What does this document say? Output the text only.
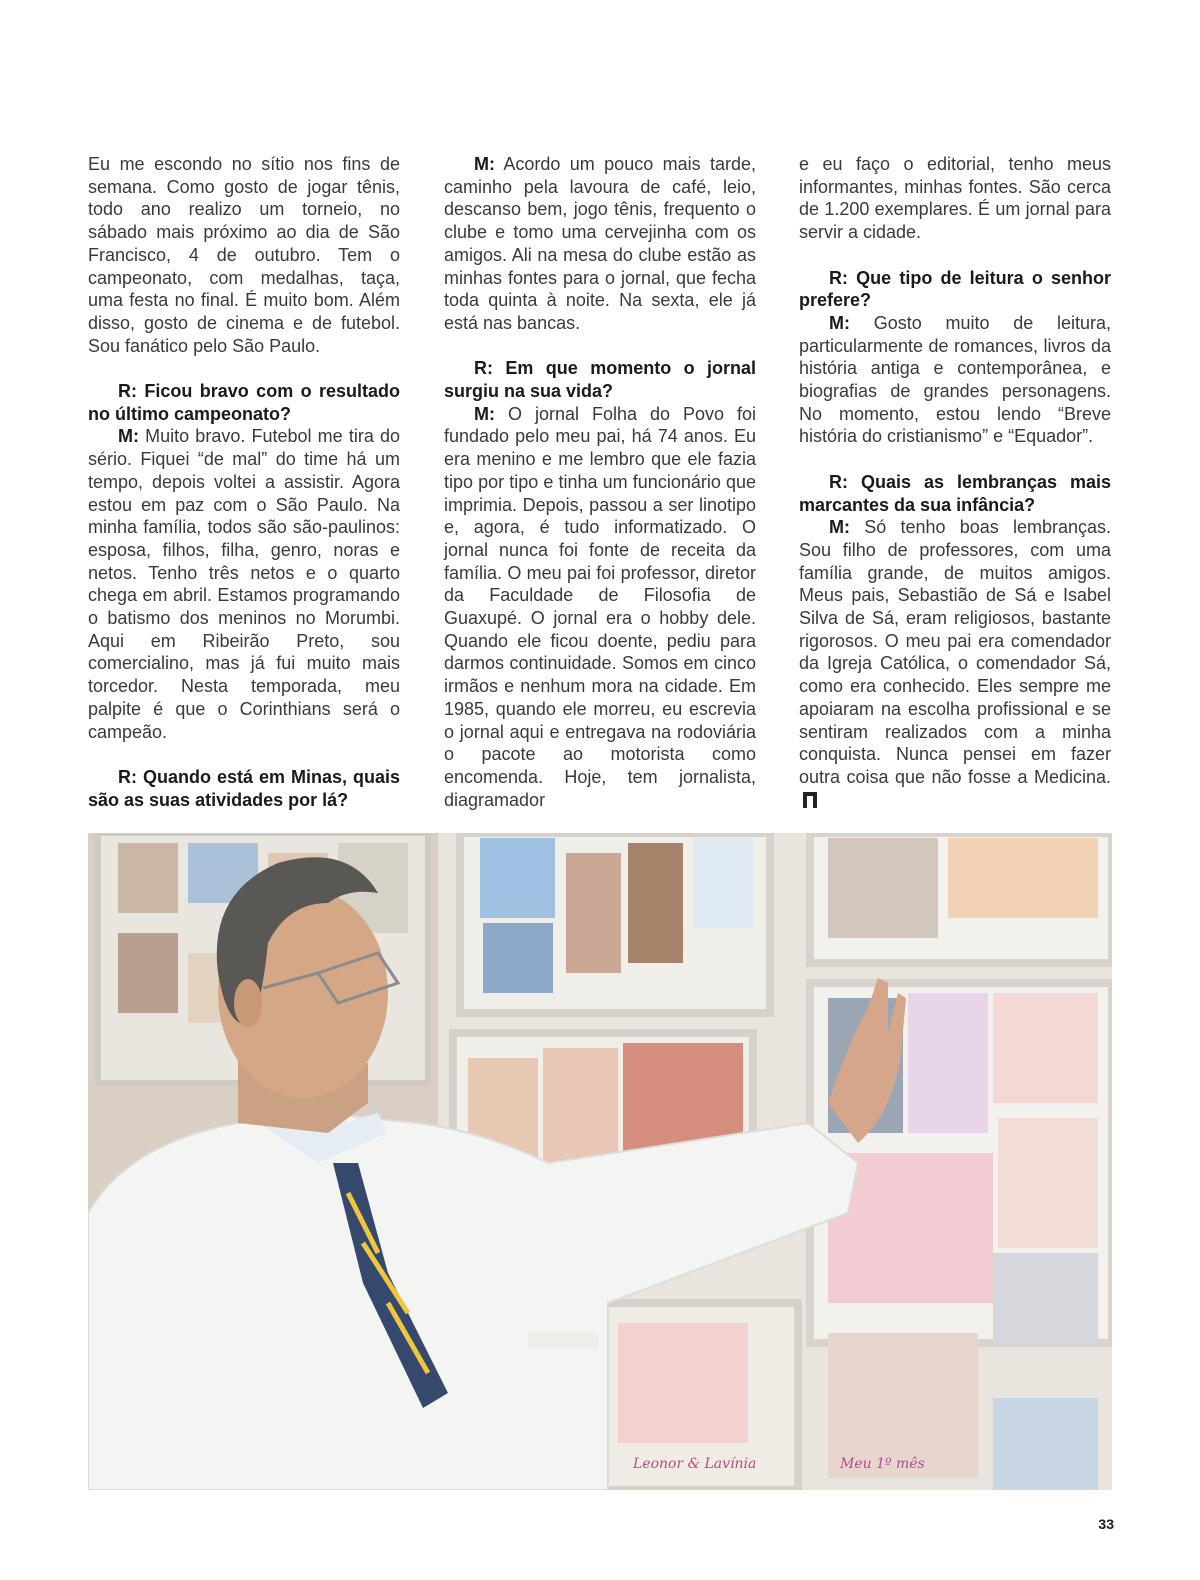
Eu me escondo no sítio nos fins de semana. Como gosto de jogar tênis, todo ano realizo um torneio, no sábado mais próximo ao dia de São Francisco, 4 de outubro. Tem o campeonato, com medalhas, taça, uma festa no final. É muito bom. Além disso, gosto de cinema e de futebol. Sou fanático pelo São Paulo.

R: Ficou bravo com o resultado no último campeonato?

M: Muito bravo. Futebol me tira do sério. Fiquei “de mal” do time há um tempo, depois voltei a assistir. Agora estou em paz com o São Paulo. Na minha família, todos são são-paulinos: esposa, filhos, filha, genro, noras e netos. Tenho três netos e o quarto chega em abril. Estamos programando o batismo dos meninos no Morumbi. Aqui em Ribeirão Preto, sou comercialino, mas já fui muito mais torcedor. Nesta temporada, meu palpite é que o Corinthians será o campeão.

R: Quando está em Minas, quais são as suas atividades por lá?

M: Acordo um pouco mais tarde, caminho pela lavoura de café, leio, descanso bem, jogo tênis, frequento o clube e tomo uma cervejinha com os amigos. Ali na mesa do clube estão as minhas fontes para o jornal, que fecha toda quinta à noite. Na sexta, ele já está nas bancas.

R: Em que momento o jornal surgiu na sua vida?

M: O jornal Folha do Povo foi fundado pelo meu pai, há 74 anos. Eu era menino e me lembro que ele fazia tipo por tipo e tinha um funcionário que imprimia. Depois, passou a ser linotipo e, agora, é tudo informatizado. O jornal nunca foi fonte de receita da família. O meu pai foi professor, diretor da Faculdade de Filosofia de Guaxupé. O jornal era o hobby dele. Quando ele ficou doente, pediu para darmos continuidade. Somos em cinco irmãos e nenhum mora na cidade. Em 1985, quando ele morreu, eu escrevia o jornal aqui e entregava na rodoviária o pacote ao motorista como encomenda. Hoje, tem jornalista, diagramador

e eu faço o editorial, tenho meus informantes, minhas fontes. São cerca de 1.200 exemplares. É um jornal para servir a cidade.

R: Que tipo de leitura o senhor prefere?

M: Gosto muito de leitura, particularmente de romances, livros da história antiga e contemporânea, e biografias de grandes personagens. No momento, estou lendo “Breve história do cristianismo” e “Equador”.

R: Quais as lembranças mais marcantes da sua infância?

M: Só tenho boas lembranças. Sou filho de professores, com uma família grande, de muitos amigos. Meus pais, Sebastião de Sá e Isabel Silva de Sá, eram religiosos, bastante rigorosos. O meu pai era comendador da Igreja Católica, o comendador Sá, como era conhecido. Eles sempre me apoiaram na escolha profissional e se sentiram realizados com a minha conquista. Nunca pensei em fazer outra coisa que não fosse a Medicina.

Leonor & Lavínia	Meu 1º mês
33
